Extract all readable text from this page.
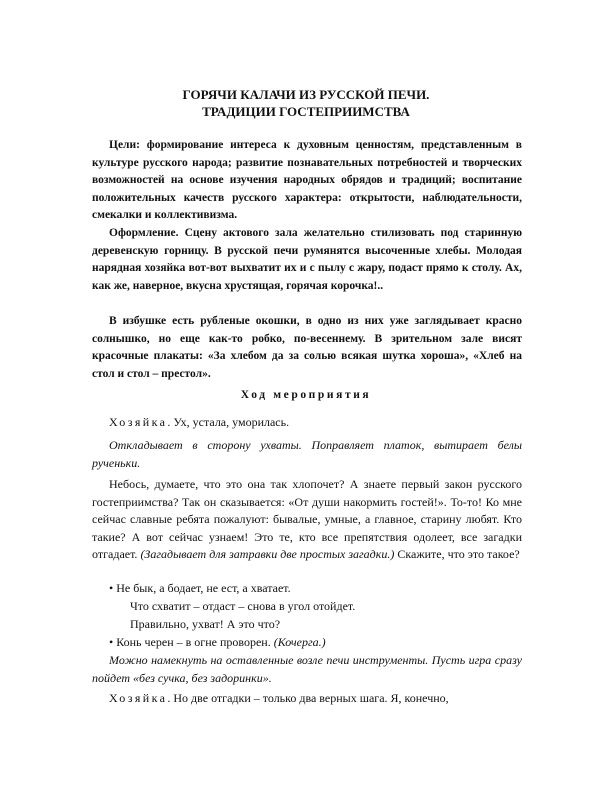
ГОРЯЧИ КАЛАЧИ ИЗ РУССКОЙ ПЕЧИ.
ТРАДИЦИИ ГОСТЕПРИИМСТВА

Цели: формирование интереса к духовным ценностям, представленным в культуре русского народа; развитие познавательных потребностей и творческих возможностей на основе изучения народных обрядов и традиций; воспитание положительных качеств русского характера: открытости, наблюдательности, смекалки и коллективизма.

Оформление. Сцену актового зала желательно стилизовать под старинную деревенскую горницу. В русской печи румянятся высоченные хлебы. Молодая нарядная хозяйка вот-вот выхватит их и с пылу с жару, подаст прямо к столу. Ах, как же, наверное, вкусна хрустящая, горячая корочка!..

В избушке есть рубленые окошки, в одно из них уже заглядывает красно солнышко, но еще как-то робко, по-весеннему. В зрительном зале висят красочные плакаты: «За хлебом да за солью всякая шутка хороша», «Хлеб на стол и стол – престол».

Ход мероприятия

Хозяйка. Ух, устала, уморилась.

Откладывает в сторону ухваты. Поправляет платок, вытирает белы рученьки.

Небось, думаете, что это она так хлопочет? А знаете первый закон русского гостеприимства? Так он сказывается: «От души накормить гостей!». То-то! Ко мне сейчас славные ребята пожалуют: бывалые, умные, а главное, старину любят. Кто такие? А вот сейчас узнаем! Это те, кто все препятствия одолеет, все загадки отгадает. (Загадывает для затравки две простых загадки.) Скажите, что это такое?

• Не бык, а бодает, не ест, а хватает.

Что схватит – отдаст – снова в угол отойдет.

Правильно, ухват! А это что?

• Конь черен – в огне проворен. (Кочерга.)

Можно намекнуть на оставленные возле печи инструменты. Пусть игра сразу пойдет «без сучка, без задоринки».

Хозяйка. Но две отгадки – только два верных шага. Я, конечно,
